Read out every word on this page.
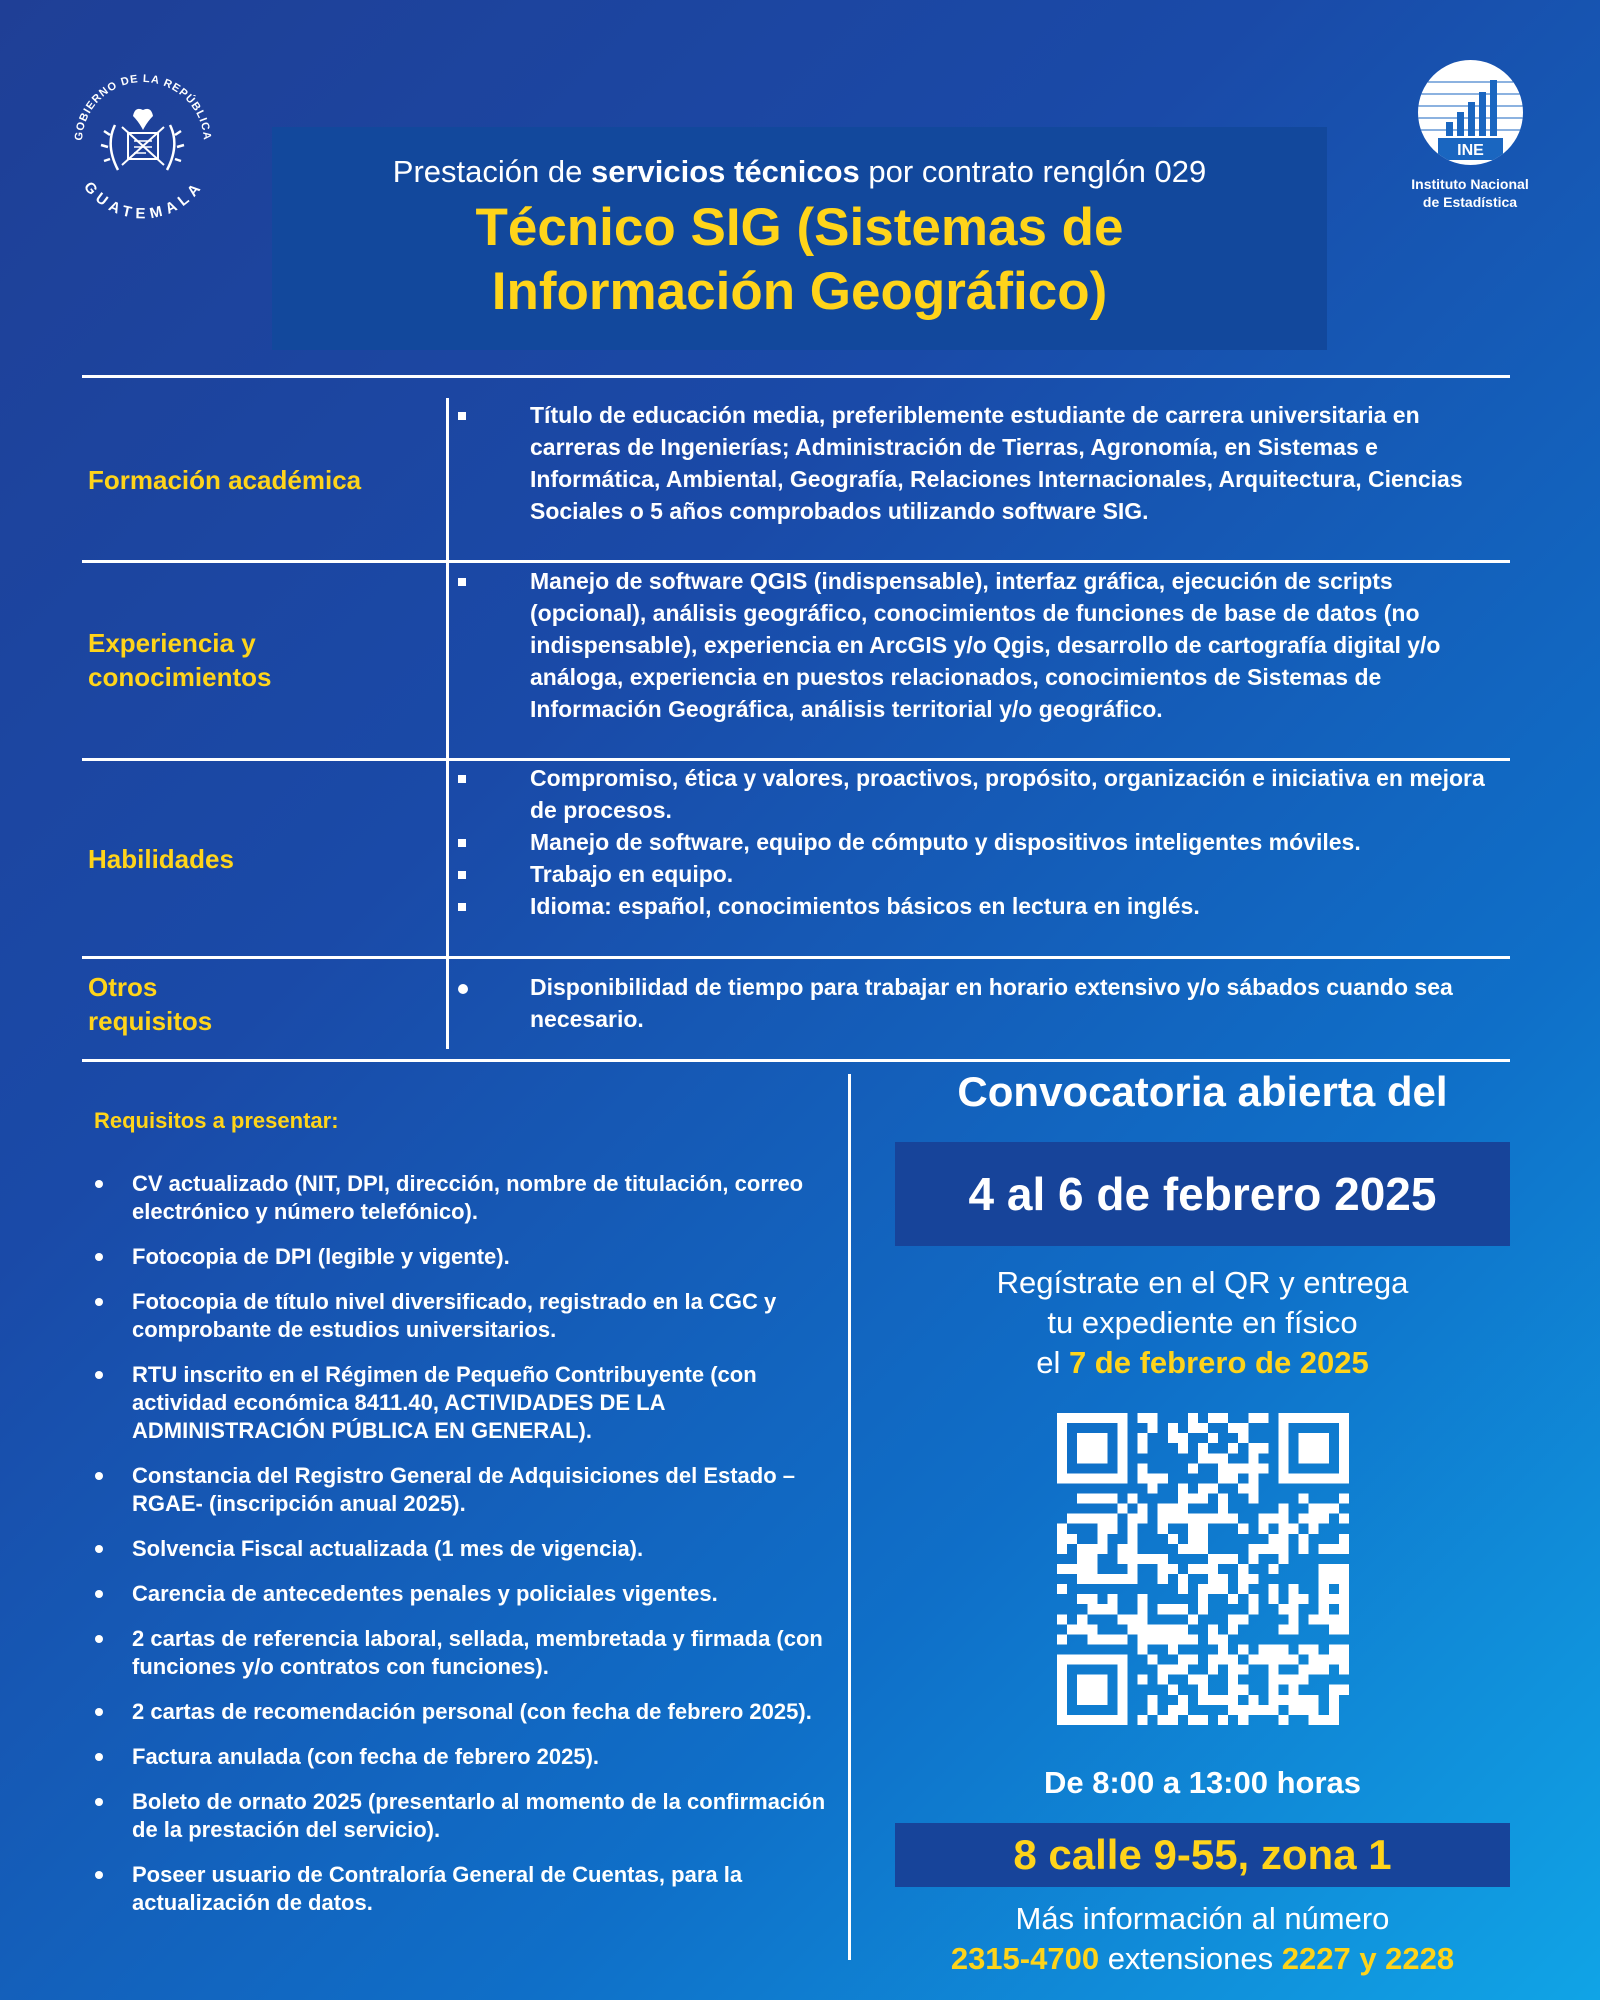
GOBIERNO DE LA REPÚBLICA
GUATEMALA
INE
Instituto Nacional
de Estadística
Prestación de servicios técnicos por contrato renglón 029
Técnico SIG (Sistemas de
Información Geográfico)
Formación académica
Título de educación media, preferiblemente estudiante de carrera universitaria en carreras de Ingenierías; Administración de Tierras, Agronomía, en Sistemas e Informática, Ambiental, Geografía, Relaciones Internacionales, Arquitectura, Ciencias Sociales o 5 años comprobados utilizando software SIG.
Experiencia y conocimientos
Manejo de software QGIS (indispensable), interfaz gráfica, ejecución de scripts (opcional), análisis geográfico, conocimientos de funciones de base de datos (no indispensable), experiencia en ArcGIS y/o Qgis, desarrollo de cartografía digital y/o análoga, experiencia en puestos relacionados, conocimientos de Sistemas de Información Geográfica, análisis territorial y/o geográfico.
Habilidades
Compromiso, ética y valores, proactivos, propósito, organización e iniciativa en mejora de procesos.
Manejo de software, equipo de cómputo y dispositivos inteligentes móviles.
Trabajo en equipo.
Idioma: español, conocimientos básicos en lectura en inglés.
Otros requisitos
Disponibilidad de tiempo para trabajar en horario extensivo y/o sábados cuando sea necesario.
Requisitos a presentar:
CV actualizado (NIT, DPI, dirección, nombre de titulación, correo electrónico y número telefónico).
Fotocopia de DPI (legible y vigente).
Fotocopia de título nivel diversificado, registrado en la CGC y comprobante de estudios universitarios.
RTU inscrito en el Régimen de Pequeño Contribuyente (con actividad económica 8411.40, ACTIVIDADES DE LA ADMINISTRACIÓN PÚBLICA EN GENERAL).
Constancia del Registro General de Adquisiciones del Estado –RGAE- (inscripción anual 2025).
Solvencia Fiscal actualizada (1 mes de vigencia).
Carencia de antecedentes penales y policiales vigentes.
2 cartas de referencia laboral, sellada, membretada y firmada (con funciones y/o contratos con funciones).
2 cartas de recomendación personal (con fecha de febrero 2025).
Factura anulada (con fecha de febrero 2025).
Boleto de ornato 2025 (presentarlo al momento de la confirmación de la prestación del servicio).
Poseer usuario de Contraloría General de Cuentas, para la actualización de datos.
Convocatoria abierta del
4 al 6 de febrero 2025
Regístrate en el QR y entrega
tu expediente en físico
el 7 de febrero de 2025
De 8:00 a 13:00 horas
8 calle 9-55, zona 1
Más información al número
2315-4700 extensiones 2227 y 2228
